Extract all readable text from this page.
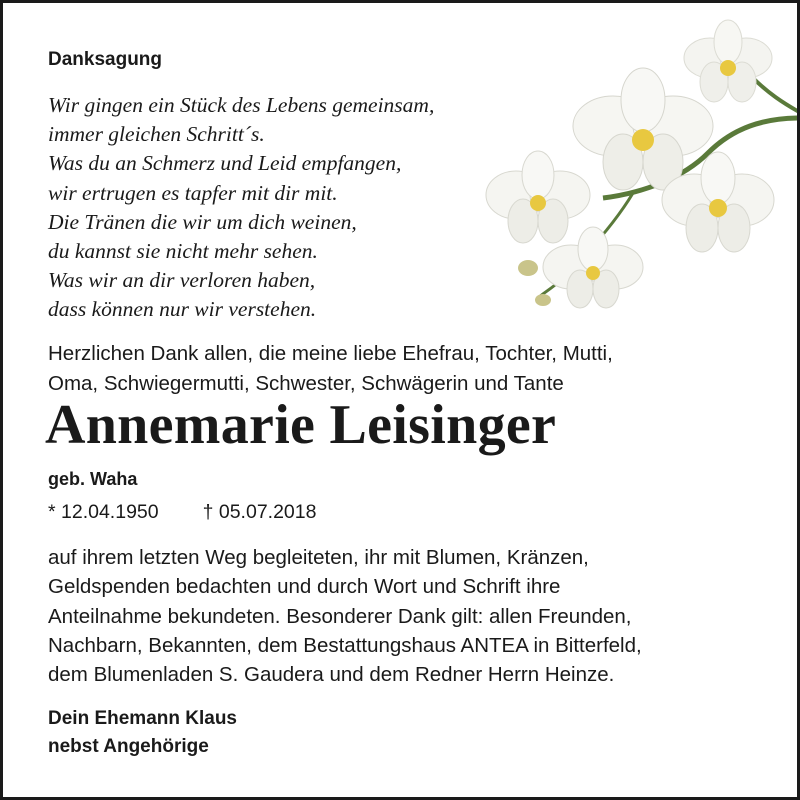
Danksagung
Wir gingen ein Stück des Lebens gemeinsam,
immer gleichen Schritt´s.
Was du an Schmerz und Leid empfangen,
wir ertrugen es tapfer mit dir mit.
Die Tränen die wir um dich weinen,
du kannst sie nicht mehr sehen.
Was wir an dir verloren haben,
dass können nur wir verstehen.

Herzlichen Dank allen, die meine liebe Ehefrau, Tochter, Mutti,
Oma, Schwiegermutti, Schwester, Schwägerin und Tante

Annemarie Leisinger

geb. Waha

* 12.04.1950 † 05.07.2018

auf ihrem letzten Weg begleiteten, ihr mit Blumen, Kränzen,
Geldspenden bedachten und durch Wort und Schrift ihre
Anteilnahme bekundeten. Besonderer Dank gilt: allen Freunden,
Nachbarn, Bekannten, dem Bestattungshaus ANTEA in Bitterfeld,
dem Blumenladen S. Gaudera und dem Redner Herrn Heinze.
Dein Ehemann Klaus
nebst Angehörige
